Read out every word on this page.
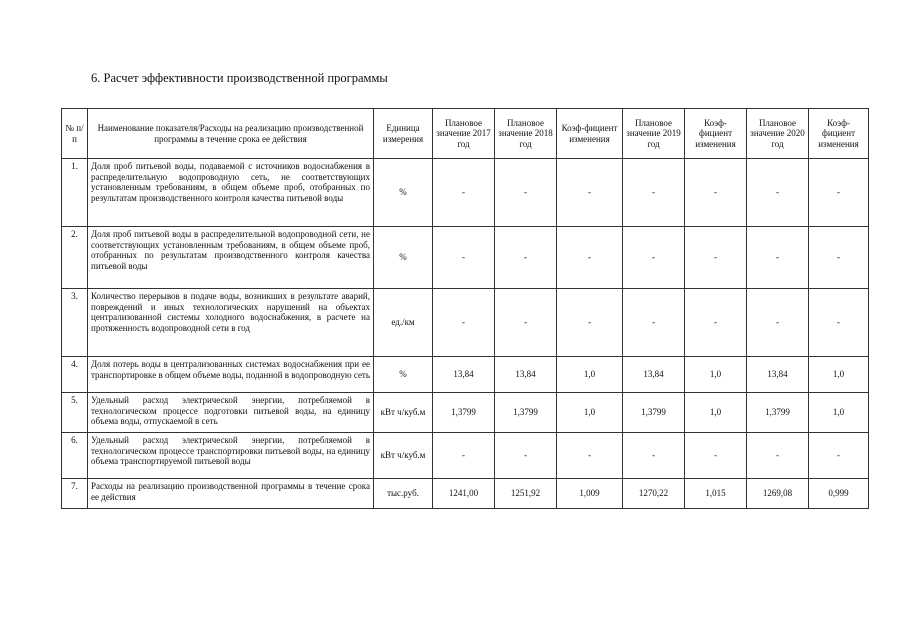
6. Расчет эффективности производственной программы
№ п/п	Наименование показателя/Расходы на реализацию производственной программы в течение срока ее действия	Единица измерения	Плановое значение 2017 год	Плановое значение 2018 год	Коэф-фициент изменения	Плановое значение 2019 год	Коэф-фициент изменения	Плановое значение 2020 год	Коэф-фициент изменения
1.	Доля проб питьевой воды, подаваемой с источников водоснабжения в распределительную водопроводную сеть, не соответствующих установленным требованиям, в общем объеме проб, отобранных по результатам производственного контроля качества питьевой воды	%	-	-	-	-	-	-	-
2.	Доля проб питьевой воды в распределительной водопроводной сети, не соответствующих установленным требованиям, в общем объеме проб, отобранных по результатам производственного контроля качества питьевой воды	%	-	-	-	-	-	-	-
3.	Количество перерывов в подаче воды, возникших в результате аварий, повреждений и иных технологических нарушений на объектах централизованной системы холодного водоснабжения, в расчете на протяженность водопроводной сети в год	ед./км	-	-	-	-	-	-	-
4.	Доля потерь воды в централизованных системах водоснабжения при ее транспортировке в общем объеме воды, поданной в водопроводную сеть	%	13,84	13,84	1,0	13,84	1,0	13,84	1,0
5.	Удельный расход электрической энергии, потребляемой в технологическом процессе подготовки питьевой воды, на единицу объема воды, отпускаемой в сеть	кВт ч/куб.м	1,3799	1,3799	1,0	1,3799	1,0	1,3799	1,0
6.	Удельный расход электрической энергии, потребляемой в технологическом процессе транспортировки питьевой воды, на единицу объема транспортируемой питьевой воды	кВт ч/куб.м	-	-	-	-	-	-	-
7.	Расходы на реализацию производственной программы в течение срока ее действия	тыс.руб.	1241,00	1251,92	1,009	1270,22	1,015	1269,08	0,999
